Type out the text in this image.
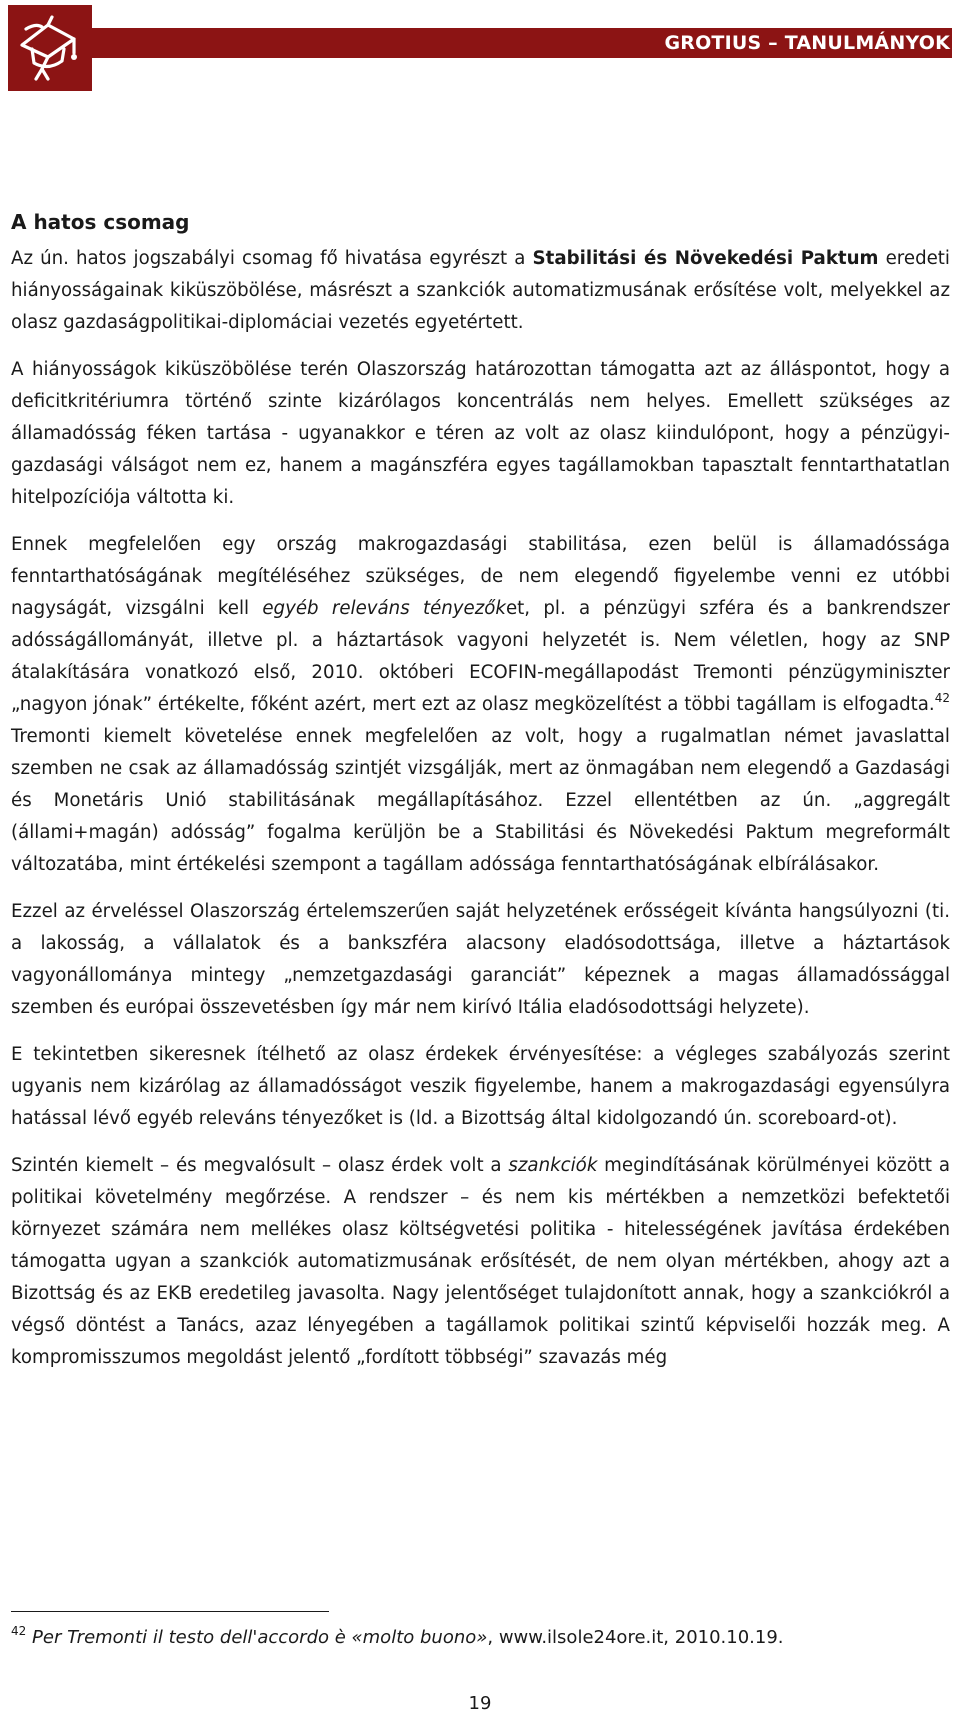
GROTIUS – TANULMÁNYOK
A hatos csomag

Az ún. hatos jogszabályi csomag fő hivatása egyrészt a Stabilitási és Növekedési Paktum eredeti hiányosságainak kiküszöbölése, másrészt a szankciók automatizmusának erősítése volt, melyekkel az olasz gazdaságpolitikai-diplomáciai vezetés egyetértett.

A hiányosságok kiküszöbölése terén Olaszország határozottan támogatta azt az álláspontot, hogy a deficitkritériumra történő szinte kizárólagos koncentrálás nem helyes. Emellett szükséges az államadósság féken tartása - ugyanakkor e téren az volt az olasz kiindulópont, hogy a pénzügyi-gazdasági válságot nem ez, hanem a magánszféra egyes tagállamokban tapasztalt fenntarthatatlan hitelpozíciója váltotta ki.

Ennek megfelelően egy ország makrogazdasági stabilitása, ezen belül is államadóssága fenntarthatóságának megítéléséhez szükséges, de nem elegendő figyelembe venni ez utóbbi nagyságát, vizsgálni kell egyéb releváns tényezőket, pl. a pénzügyi szféra és a bankrendszer adósságállományát, illetve pl. a háztartások vagyoni helyzetét is. Nem véletlen, hogy az SNP átalakítására vonatkozó első, 2010. októberi ECOFIN-megállapodást Tremonti pénzügyminiszter „nagyon jónak” értékelte, főként azért, mert ezt az olasz megközelítést a többi tagállam is elfogadta.$^{42}$ Tremonti kiemelt követelése ennek megfelelően az volt, hogy a rugalmatlan német javaslattal szemben ne csak az államadósság szintjét vizsgálják, mert az önmagában nem elegendő a Gazdasági és Monetáris Unió stabilitásának megállapításához. Ezzel ellentétben az ún. „aggregált (állami+magán) adósság” fogalma kerüljön be a Stabilitási és Növekedési Paktum megreformált változatába, mint értékelési szempont a tagállam adóssága fenntarthatóságának elbírálásakor.

Ezzel az érveléssel Olaszország értelemszerűen saját helyzetének erősségeit kívánta hangsúlyozni (ti. a lakosság, a vállalatok és a bankszféra alacsony eladósodottsága, illetve a háztartások vagyonállománya mintegy „nemzetgazdasági garanciát” képeznek a magas államadóssággal szemben és európai összevetésben így már nem kirívó Itália eladósodottsági helyzete).

E tekintetben sikeresnek ítélhető az olasz érdekek érvényesítése: a végleges szabályozás szerint ugyanis nem kizárólag az államadósságot veszik figyelembe, hanem a makrogazdasági egyensúlyra hatással lévő egyéb releváns tényezőket is (ld. a Bizottság által kidolgozandó ún. scoreboard-ot).

Szintén kiemelt – és megvalósult – olasz érdek volt a szankciók megindításának körülményei között a politikai követelmény megőrzése. A rendszer – és nem kis mértékben a nemzetközi befektetői környezet számára nem mellékes olasz költségvetési politika - hitelességének javítása érdekében támogatta ugyan a szankciók automatizmusának erősítését, de nem olyan mértékben, ahogy azt a Bizottság és az EKB eredetileg javasolta. Nagy jelentőséget tulajdonított annak, hogy a szankciókról a végső döntést a Tanács, azaz lényegében a tagállamok politikai szintű képviselői hozzák meg. A kompromisszumos megoldást jelentő „fordított többségi” szavazás még

$^{42}$ Per Tremonti il testo dell'accordo è «molto buono», www.ilsole24ore.it, 2010.10.19.
19
